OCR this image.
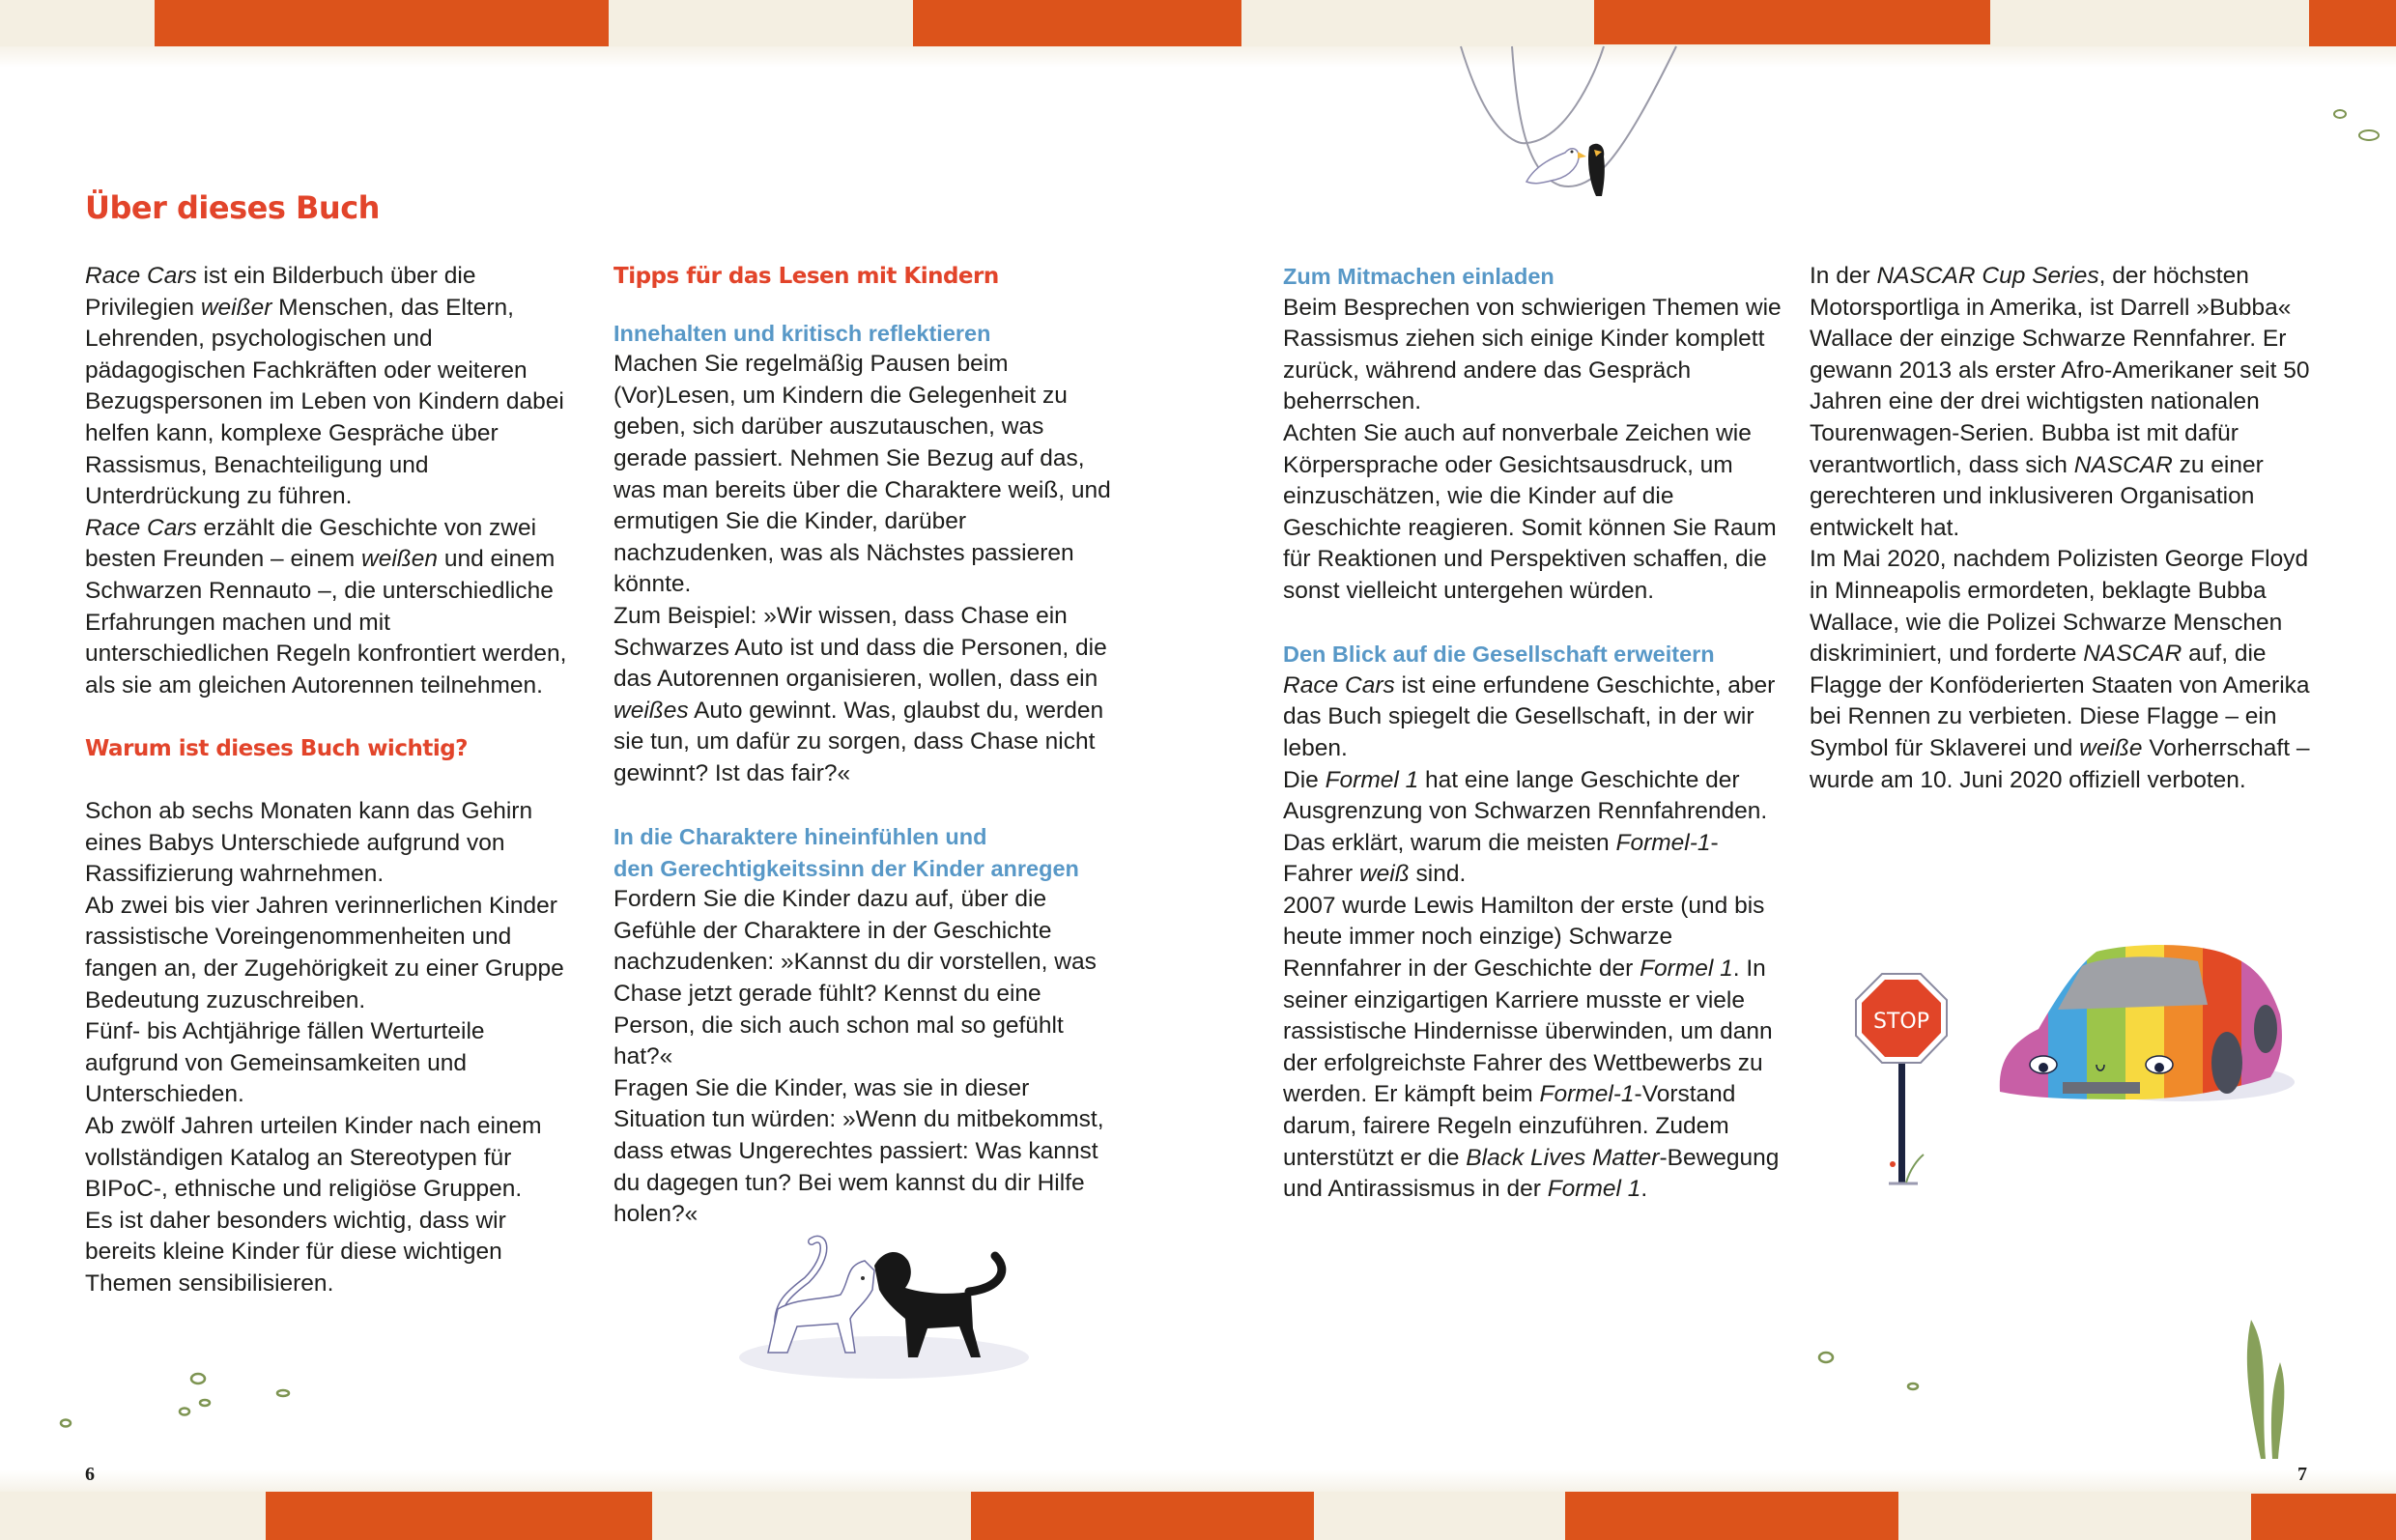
Über dieses Buch

Race Cars ist ein Bilderbuch über die Privilegien weißer Menschen, das Eltern, Lehrenden, psychologischen und pädagogischen Fachkräften oder weiteren Bezugspersonen im Leben von Kindern dabei helfen kann, komplexe Gespräche über Rassismus, Benachteiligung und Unterdrückung zu führen.

Race Cars erzählt die Geschichte von zwei besten Freunden – einem weißen und einem Schwarzen Rennauto –, die unterschiedliche Erfahrungen machen und mit unterschiedlichen Regeln konfrontiert werden, als sie am gleichen Autorennen teilnehmen.

Warum ist dieses Buch wichtig?

Schon ab sechs Monaten kann das Gehirn eines Babys Unterschiede aufgrund von Rassifizierung wahrnehmen.

Ab zwei bis vier Jahren verinnerlichen Kinder rassistische Voreingenommenheiten und fangen an, der Zugehörigkeit zu einer Gruppe Bedeutung zuzuschreiben.

Fünf- bis Achtjährige fällen Werturteile aufgrund von Gemeinsamkeiten und Unterschieden.

Ab zwölf Jahren urteilen Kinder nach einem vollständigen Katalog an Stereotypen für BIPoC-, ethnische und religiöse Gruppen.

Es ist daher besonders wichtig, dass wir bereits kleine Kinder für diese wichtigen Themen sensibilisieren.

Tipps für das Lesen mit Kindern
Innehalten und kritisch reflektieren

Machen Sie regelmäßig Pausen beim (Vor)Lesen, um Kindern die Gelegenheit zu geben, sich darüber auszutauschen, was gerade passiert. Nehmen Sie Bezug auf das, was man bereits über die Charaktere weiß, und ermutigen Sie die Kinder, darüber nachzudenken, was als Nächstes passieren könnte.

Zum Beispiel: »Wir wissen, dass Chase ein Schwarzes Auto ist und dass die Personen, die das Autorennen organisieren, wollen, dass ein weißes Auto gewinnt. Was, glaubst du, werden sie tun, um dafür zu sorgen, dass Chase nicht gewinnt? Ist das fair?«

In die Charaktere hineinfühlen und
den Gerechtigkeitssinn der Kinder anregen

Fordern Sie die Kinder dazu auf, über die Gefühle der Charaktere in der Geschichte nachzudenken: »Kannst du dir vorstellen, was Chase jetzt gerade fühlt? Kennst du eine Person, die sich auch schon mal so gefühlt hat?«

Fragen Sie die Kinder, was sie in dieser Situation tun würden: »Wenn du mitbekommst, dass etwas Ungerechtes passiert: Was kannst du dagegen tun? Bei wem kannst du dir Hilfe holen?«

Zum Mitmachen einladen

Beim Besprechen von schwierigen Themen wie Rassismus ziehen sich einige Kinder komplett zurück, während andere das Gespräch beherrschen.

Achten Sie auch auf nonverbale Zeichen wie Körpersprache oder Gesichtsausdruck, um einzuschätzen, wie die Kinder auf die Geschichte reagieren. Somit können Sie Raum für Reaktionen und Perspektiven schaffen, die sonst vielleicht untergehen würden.

Den Blick auf die Gesellschaft erweitern

Race Cars ist eine erfundene Geschichte, aber das Buch spiegelt die Gesellschaft, in der wir leben.

Die Formel 1 hat eine lange Geschichte der Ausgrenzung von Schwarzen Rennfahrenden. Das erklärt, warum die meisten Formel-1-Fahrer weiß sind.

2007 wurde Lewis Hamilton der erste (und bis heute immer noch einzige) Schwarze Rennfahrer in der Geschichte der Formel 1. In seiner einzigartigen Karriere musste er viele rassistische Hindernisse überwinden, um dann der erfolgreichste Fahrer des Wettbewerbs zu werden. Er kämpft beim Formel-1-Vorstand darum, fairere Regeln einzuführen. Zudem unterstützt er die Black Lives Matter-Bewegung und Antirassismus in der Formel 1.

In der NASCAR Cup Series, der höchsten Motorsportliga in Amerika, ist Darrell »Bubba« Wallace der einzige Schwarze Rennfahrer. Er gewann 2013 als erster Afro-Amerikaner seit 50 Jahren eine der drei wichtigsten nationalen Tourenwagen-Serien. Bubba ist mit dafür verantwortlich, dass sich NASCAR zu einer gerechteren und inklusiveren Organisation entwickelt hat.

Im Mai 2020, nachdem Polizisten George Floyd in Minneapolis ermordeten, beklagte Bubba Wallace, wie die Polizei Schwarze Menschen diskriminiert, und forderte NASCAR auf, die Flagge der Konföderierten Staaten von Amerika bei Rennen zu verbieten. Diese Flagge – ein Symbol für Sklaverei und weiße Vorherrschaft – wurde am 10. Juni 2020 offiziell verboten.

6	7
STOP
